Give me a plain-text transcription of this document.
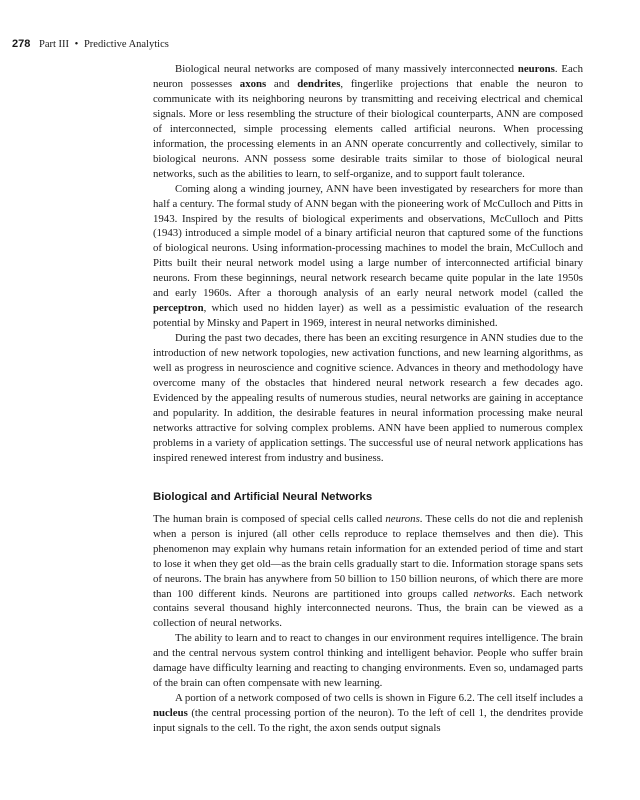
278 Part III • Predictive Analytics

Biological neural networks are composed of many massively interconnected neurons. Each neuron possesses axons and dendrites, fingerlike projections that enable the neuron to communicate with its neighboring neurons by transmitting and receiving electrical and chemical signals. More or less resembling the structure of their biological counterparts, ANN are composed of interconnected, simple processing elements called artificial neurons. When processing information, the processing elements in an ANN operate concurrently and collectively, similar to biological neurons. ANN possess some desirable traits similar to those of biological neural networks, such as the abilities to learn, to self-organize, and to support fault tolerance.

Coming along a winding journey, ANN have been investigated by researchers for more than half a century. The formal study of ANN began with the pioneering work of McCulloch and Pitts in 1943. Inspired by the results of biological experiments and observations, McCulloch and Pitts (1943) introduced a simple model of a binary artificial neuron that captured some of the functions of biological neurons. Using information-processing machines to model the brain, McCulloch and Pitts built their neural network model using a large number of interconnected artificial binary neurons. From these beginnings, neural network research became quite popular in the late 1950s and early 1960s. After a thorough analysis of an early neural network model (called the perceptron, which used no hidden layer) as well as a pessimistic evaluation of the research potential by Minsky and Papert in 1969, interest in neural networks diminished.

During the past two decades, there has been an exciting resurgence in ANN studies due to the introduction of new network topologies, new activation functions, and new learning algorithms, as well as progress in neuroscience and cognitive science. Advances in theory and methodology have overcome many of the obstacles that hindered neural network research a few decades ago. Evidenced by the appealing results of numerous studies, neural networks are gaining in acceptance and popularity. In addition, the desirable features in neural information processing make neural networks attractive for solving complex problems. ANN have been applied to numerous complex problems in a variety of application settings. The successful use of neural network applications has inspired renewed interest from industry and business.

Biological and Artificial Neural Networks

The human brain is composed of special cells called neurons. These cells do not die and replenish when a person is injured (all other cells reproduce to replace themselves and then die). This phenomenon may explain why humans retain information for an extended period of time and start to lose it when they get old—as the brain cells gradually start to die. Information storage spans sets of neurons. The brain has anywhere from 50 billion to 150 billion neurons, of which there are more than 100 different kinds. Neurons are partitioned into groups called networks. Each network contains several thousand highly interconnected neurons. Thus, the brain can be viewed as a collection of neural networks.

The ability to learn and to react to changes in our environment requires intelligence. The brain and the central nervous system control thinking and intelligent behavior. People who suffer brain damage have difficulty learning and reacting to changing environments. Even so, undamaged parts of the brain can often compensate with new learning.

A portion of a network composed of two cells is shown in Figure 6.2. The cell itself includes a nucleus (the central processing portion of the neuron). To the left of cell 1, the dendrites provide input signals to the cell. To the right, the axon sends output signals
